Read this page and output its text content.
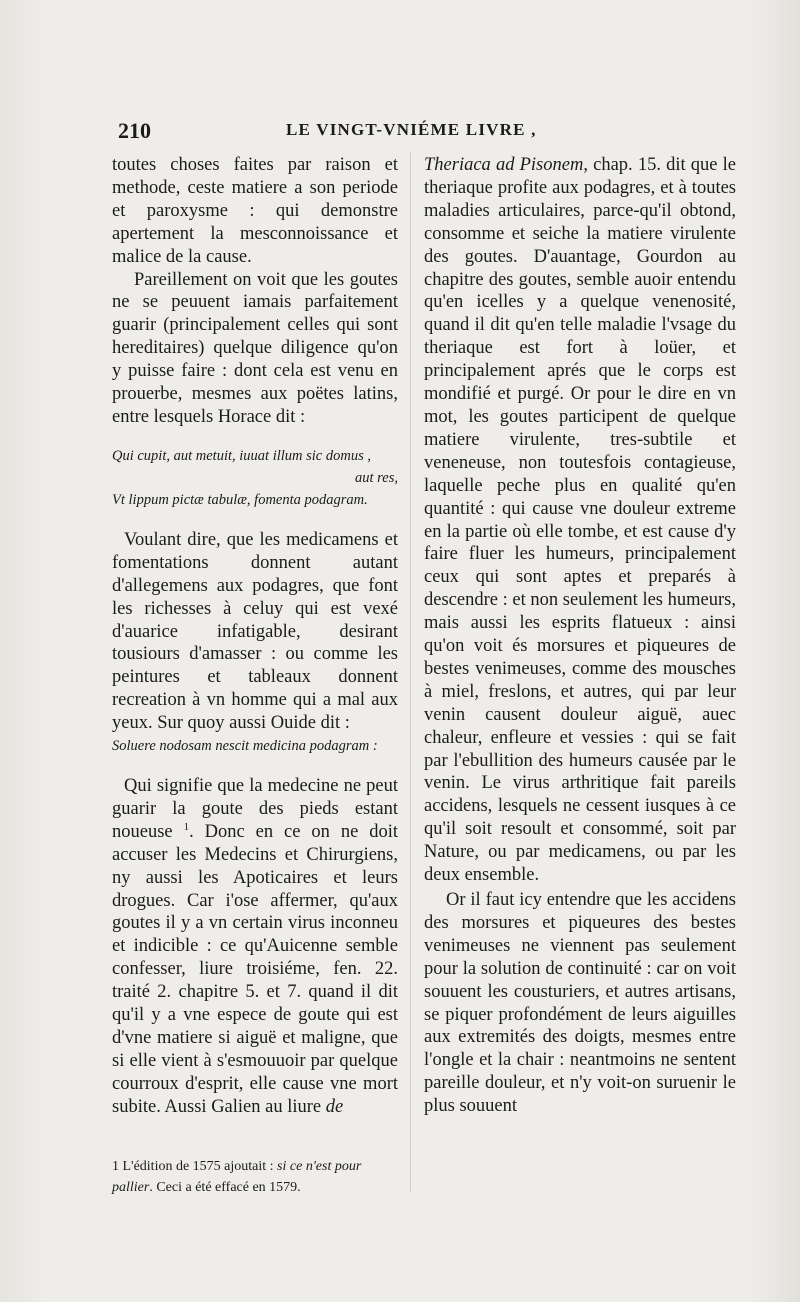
210	LE VINGT-VNIÉME LIVRE ,

toutes choses faites par raison et methode, ceste matiere a son periode et paroxysme : qui demonstre apertement la mesconnoissance et malice de la cause.

Pareillement on voit que les goutes ne se peuuent iamais parfaitement guarir (principalement celles qui sont hereditaires) quelque diligence qu'on y puisse faire : dont cela est venu en prouerbe, mesmes aux poëtes latins, entre lesquels Horace dit :

Qui cupit, aut metuit, iuuat illum sic domus ,
aut res,
Vt lippum pictæ tabulæ, fomenta podagram.

Voulant dire, que les medicamens et fomentations donnent autant d'allegemens aux podagres, que font les richesses à celuy qui est vexé d'auarice infatigable, desirant tousiours d'amasser : ou comme les peintures et tableaux donnent recreation à vn homme qui a mal aux yeux. Sur quoy aussi Ouide dit :

Soluere nodosam nescit medicina podagram :

Qui signifie que la medecine ne peut guarir la goute des pieds estant noueuse $^1$. Donc en ce on ne doit accuser les Medecins et Chirurgiens, ny aussi les Apoticaires et leurs drogues. Car i'ose affermer, qu'aux goutes il y a vn certain virus inconneu et indicible : ce qu'Auicenne semble confesser, liure troisiéme, fen. 22. traité 2. chapitre 5. et 7. quand il dit qu'il y a vne espece de goute qui est d'vne matiere si aiguë et maligne, que si elle vient à s'esmouuoir par quelque courroux d'esprit, elle cause vne mort subite. Aussi Galien au liure de

Theriaca ad Pisonem, chap. 15. dit que le theriaque profite aux podagres, et à toutes maladies articulaires, parce-qu'il obtond, consomme et seiche la matiere virulente des goutes. D'auantage, Gourdon au chapitre des goutes, semble auoir entendu qu'en icelles y a quelque venenosité, quand il dit qu'en telle maladie l'vsage du theriaque est fort à loüer, et principalement aprés que le corps est mondifié et purgé. Or pour le dire en vn mot, les goutes participent de quelque matiere virulente, tres-subtile et veneneuse, non toutesfois contagieuse, laquelle peche plus en qualité qu'en quantité : qui cause vne douleur extreme en la partie où elle tombe, et est cause d'y faire fluer les humeurs, principalement ceux qui sont aptes et preparés à descendre : et non seulement les humeurs, mais aussi les esprits flatueux : ainsi qu'on voit és morsures et piqueures de bestes venimeuses, comme des mousches à miel, freslons, et autres, qui par leur venin causent douleur aiguë, auec chaleur, enfleure et vessies : qui se fait par l'ebullition des humeurs causée par le venin. Le virus arthritique fait pareils accidens, lesquels ne cessent iusques à ce qu'il soit resoult et consommé, soit par Nature, ou par medicamens, ou par les deux ensemble.

Or il faut icy entendre que les accidens des morsures et piqueures des bestes venimeuses ne viennent pas seulement pour la solution de continuité : car on voit souuent les cousturiers, et autres artisans, se piquer profondément de leurs aiguilles aux extremités des doigts, mesmes entre l'ongle et la chair : neantmoins ne sentent pareille douleur, et n'y voit-on suruenir le plus souuent

1 L'édition de 1575 ajoutait : si ce n'est pour pallier. Ceci a été effacé en 1579.
